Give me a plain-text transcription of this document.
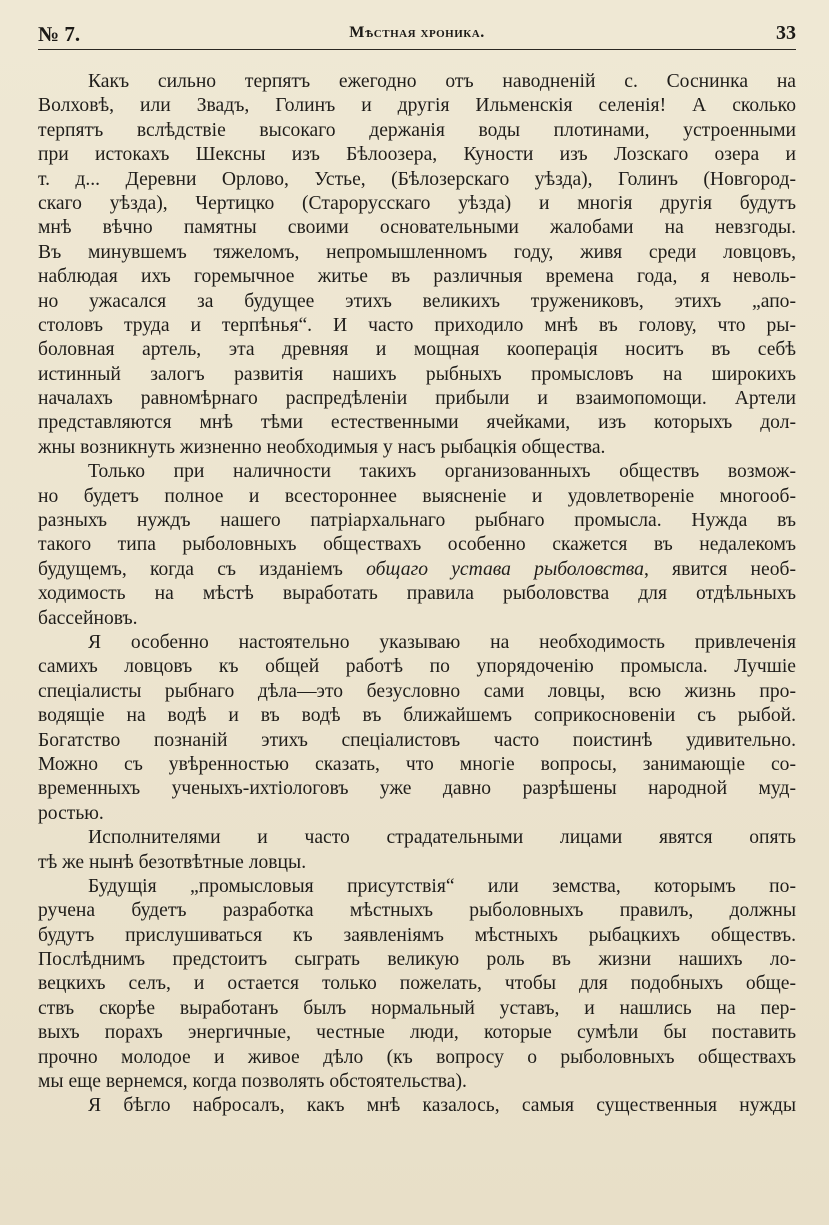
№ 7.	Мѣстная хроника.	33
Какъ сильно терпятъ ежегодно отъ наводненій с. Соснинка на
Волховѣ, или Звадъ, Голинъ и другія Ильменскія селенія! А сколько
терпятъ вслѣдствіе высокаго держанія воды плотинами, устроенными
при истокахъ Шексны изъ Бѣлоозера, Куности изъ Лозскаго озера и
т. д... Деревни Орлово, Устье, (Бѣлозерскаго уѣзда), Голинъ (Новгород-
скаго уѣзда), Чертицко (Старорусскаго уѣзда) и многія другія будутъ
мнѣ вѣчно памятны своими основательными жалобами на невзгоды.
Въ минувшемъ тяжеломъ, непромышленномъ году, живя среди ловцовъ,
наблюдая ихъ горемычное житье въ различныя времена года, я неволь-
но ужасался за будущее этихъ великихъ тружениковъ, этихъ „апо-
столовъ труда и терпѣнья“. И часто приходило мнѣ въ голову, что ры-
боловная артель, эта древняя и мощная кооперація носитъ въ себѣ
истинный залогъ развитія нашихъ рыбныхъ промысловъ на широкихъ
началахъ равномѣрнаго распредѣленіи прибыли и взаимопомощи. Артели
представляются мнѣ тѣми естественными ячейками, изъ которыхъ дол-
жны возникнуть жизненно необходимыя у насъ рыбацкія общества.
Только при наличности такихъ организованныхъ обществъ возмож-
но будетъ полное и всестороннее выясненіе и удовлетвореніе многооб-
разныхъ нуждъ нашего патріархальнаго рыбнаго промысла. Нужда въ
такого типа рыболовныхъ обществахъ особенно скажется въ недалекомъ
будущемъ, когда съ изданіемъ общаго устава рыболовства, явится необ-
ходимость на мѣстѣ выработать правила рыболовства для отдѣльныхъ
бассейновъ.
Я особенно настоятельно указываю на необходимость привлеченія
самихъ ловцовъ къ общей работѣ по упорядоченію промысла. Лучшіе
спеціалисты рыбнаго дѣла—это безусловно сами ловцы, всю жизнь про-
водящіе на водѣ и въ водѣ въ ближайшемъ соприкосновеніи съ рыбой.
Богатство познаній этихъ спеціалистовъ часто поистинѣ удивительно.
Можно съ увѣренностью сказать, что многіе вопросы, занимающіе со-
временныхъ ученыхъ-ихтіологовъ уже давно разрѣшены народной муд-
ростью.
Исполнителями и часто страдательными лицами явятся опять
тѣ же нынѣ безотвѣтные ловцы.
Будущія „промысловыя присутствія“ или земства, которымъ по-
ручена будетъ разработка мѣстныхъ рыболовныхъ правилъ, должны
будутъ прислушиваться къ заявленіямъ мѣстныхъ рыбацкихъ обществъ.
Послѣднимъ предстоитъ сыграть великую роль въ жизни нашихъ ло-
вецкихъ селъ, и остается только пожелать, чтобы для подобныхъ обще-
ствъ скорѣе выработанъ былъ нормальный уставъ, и нашлись на пер-
выхъ порахъ энергичные, честные люди, которые сумѣли бы поставить
прочно молодое и живое дѣло (къ вопросу о рыболовныхъ обществахъ
мы еще вернемся, когда позволять обстоятельства).
Я бѣгло набросалъ, какъ мнѣ казалось, самыя существенныя нужды
